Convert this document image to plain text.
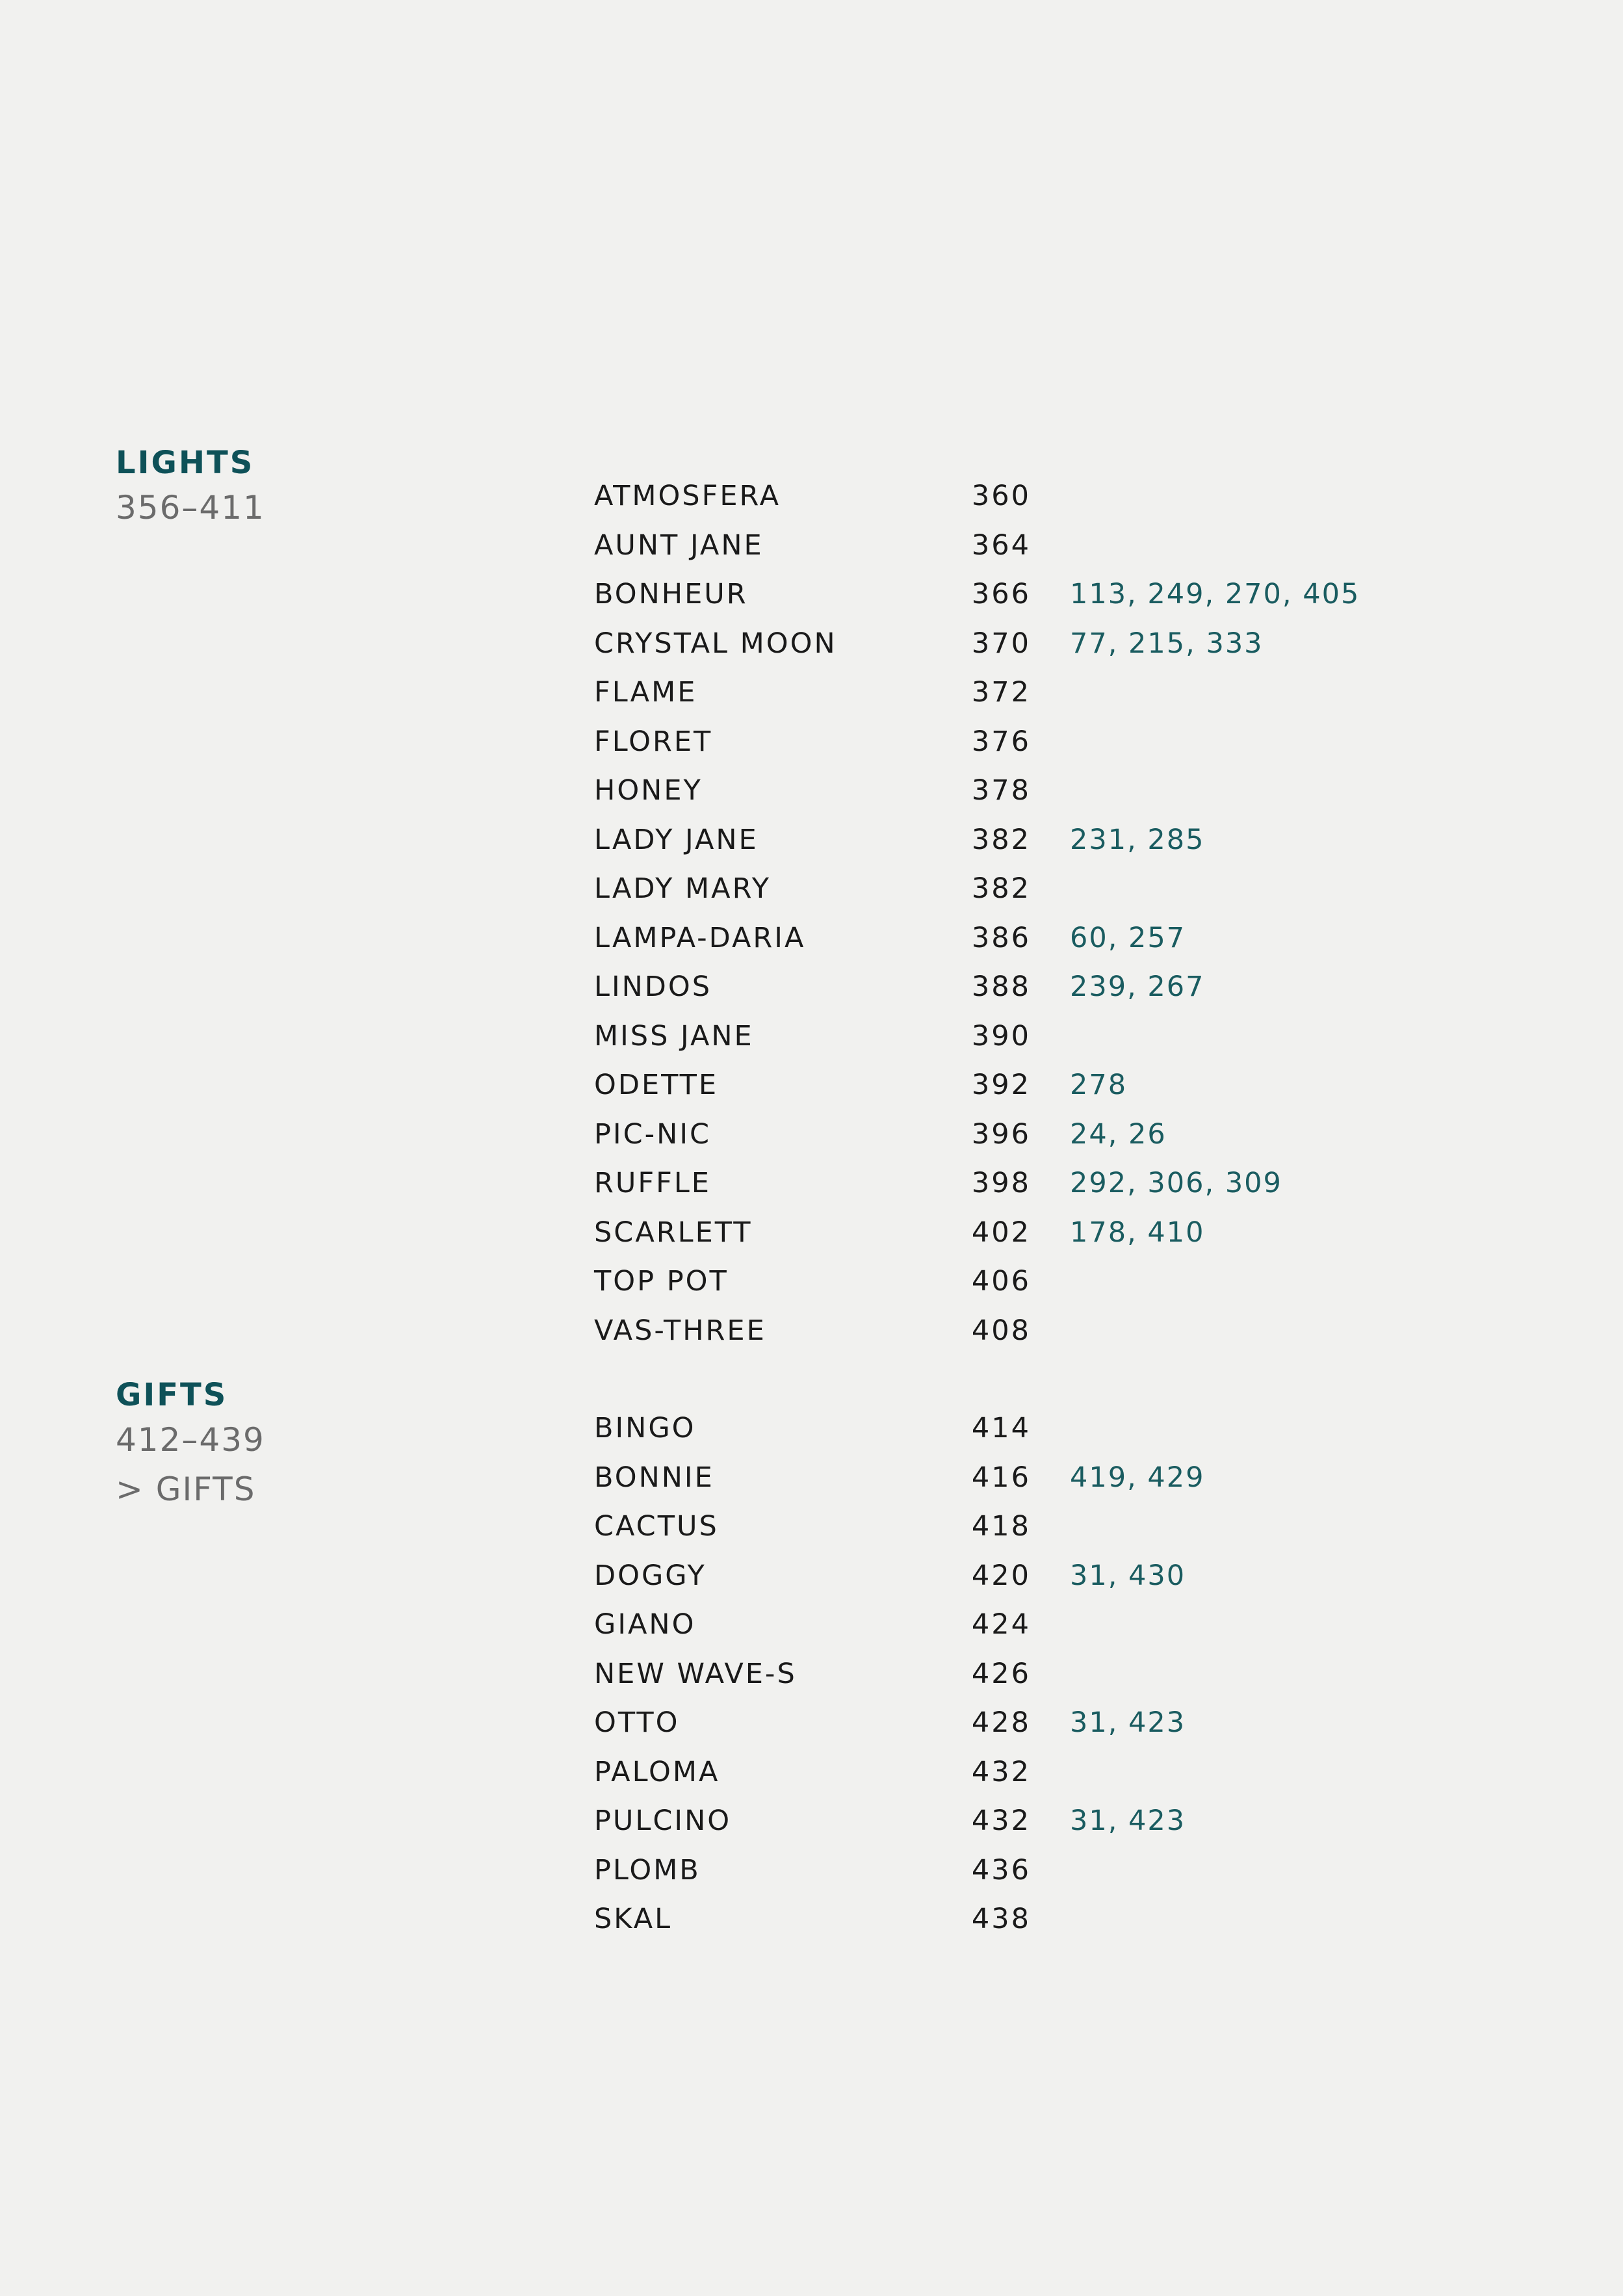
LIGHTS
356–411	ATMOSFERA	360
AUNT JANE	364
BONHEUR	366 113, 249, 270, 405
CRYSTAL MOON	370 77, 215, 333
FLAME	372
FLORET	376
HONEY	378
LADY JANE	382 231, 285
LADY MARY	382
LAMPA-DARIA	386 60, 257
LINDOS	388 239, 267
MISS JANE	390
ODETTE	392 278
PIC-NIC	396 24, 26
RUFFLE	398 292, 306, 309
SCARLETT	402 178, 410
TOP POT	406
VAS-THREE	408
GIFTS
412–439
> GIFTS
BINGO	414
BONNIE	416 419, 429
CACTUS	418
DOGGY	420 31, 430
GIANO	424
NEW WAVE-S	426
OTTO	428 31, 423
PALOMA	432
PULCINO	432 31, 423
PLOMB	436
SKAL	438
